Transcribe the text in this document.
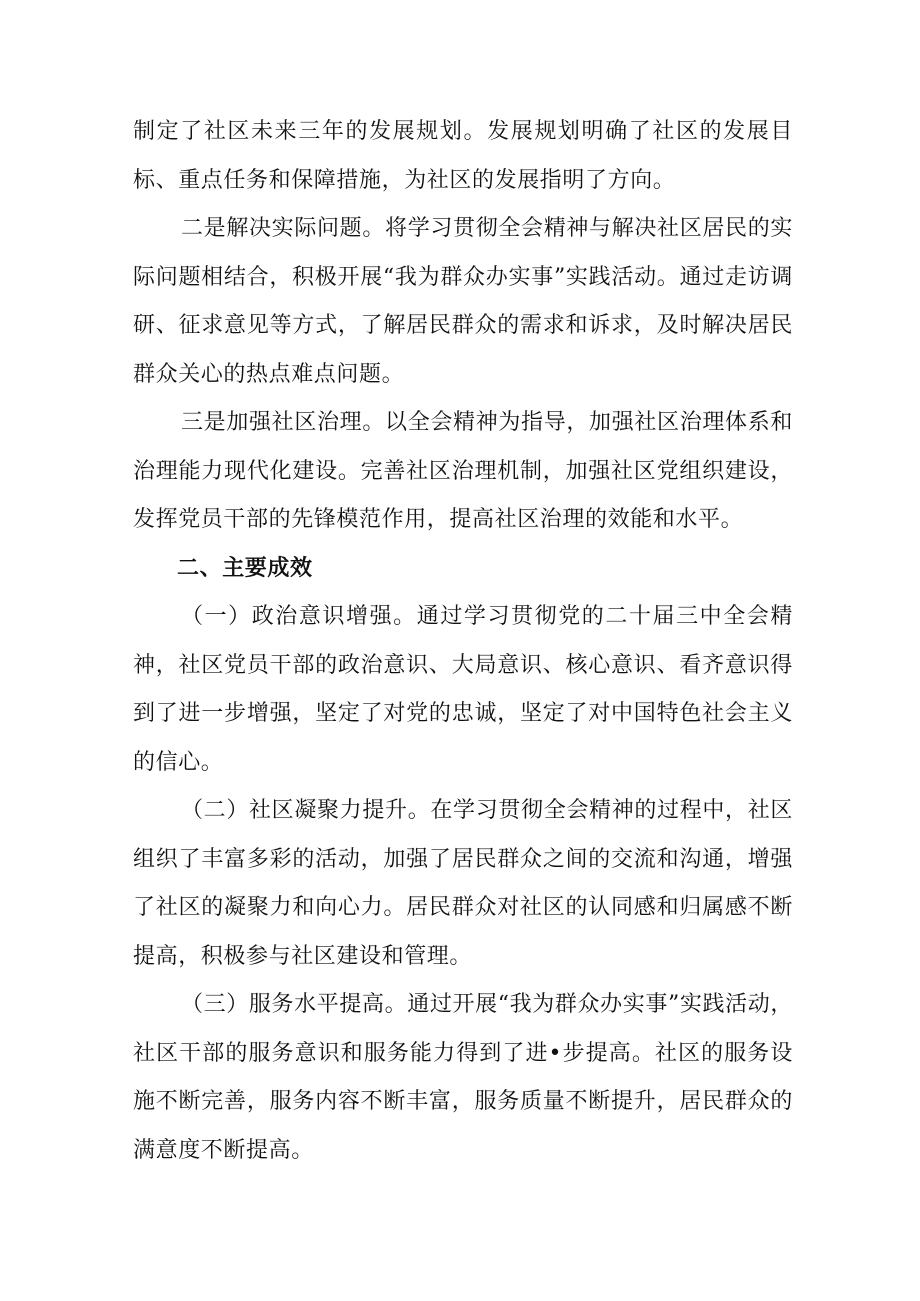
制定了社区未来三年的发展规划。发展规划明确了社区的发展目标、重点任务和保障措施，为社区的发展指明了方向。

二是解决实际问题。将学习贯彻全会精神与解决社区居民的实际问题相结合，积极开展“我为群众办实事”实践活动。通过走访调研、征求意见等方式，了解居民群众的需求和诉求，及时解决居民群众关心的热点难点问题。

三是加强社区治理。以全会精神为指导，加强社区治理体系和治理能力现代化建设。完善社区治理机制，加强社区党组织建设，发挥党员干部的先锋模范作用，提高社区治理的效能和水平。

二、主要成效

（一）政治意识增强。通过学习贯彻党的二十届三中全会精神，社区党员干部的政治意识、大局意识、核心意识、看齐意识得到了进一步增强，坚定了对党的忠诚，坚定了对中国特色社会主义的信心。

（二）社区凝聚力提升。在学习贯彻全会精神的过程中，社区组织了丰富多彩的活动，加强了居民群众之间的交流和沟通，增强了社区的凝聚力和向心力。居民群众对社区的认同感和归属感不断提高，积极参与社区建设和管理。

（三）服务水平提高。通过开展“我为群众办实事”实践活动，社区干部的服务意识和服务能力得到了进•步提高。社区的服务设施不断完善，服务内容不断丰富，服务质量不断提升，居民群众的满意度不断提高。
